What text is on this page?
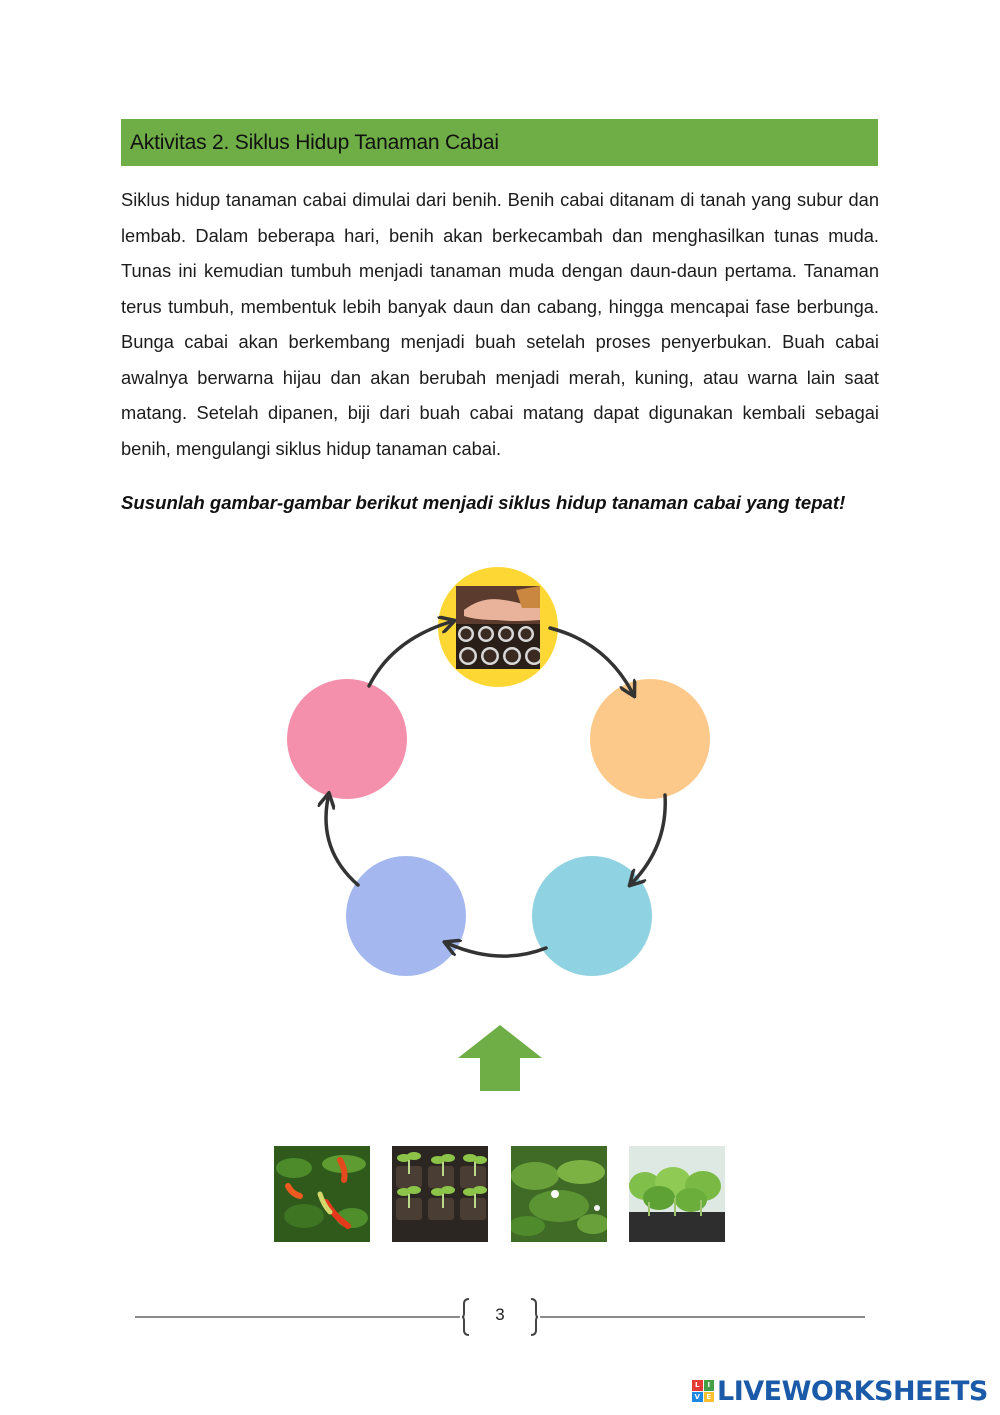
Aktivitas 2. Siklus Hidup Tanaman Cabai

Siklus hidup tanaman cabai dimulai dari benih. Benih cabai ditanam di tanah yang subur dan lembab. Dalam beberapa hari, benih akan berkecambah dan menghasilkan tunas muda. Tunas ini kemudian tumbuh menjadi tanaman muda dengan daun-daun pertama. Tanaman terus tumbuh, membentuk lebih banyak daun dan cabang, hingga mencapai fase berbunga. Bunga cabai akan berkembang menjadi buah setelah proses penyerbukan. Buah cabai awalnya berwarna hijau dan akan berubah menjadi merah, kuning, atau warna lain saat matang. Setelah dipanen, biji dari buah cabai matang dapat digunakan kembali sebagai benih, mengulangi siklus hidup tanaman cabai.

Susunlah gambar-gambar berikut menjadi siklus hidup tanaman cabai yang tepat!

3
L	I
V E LIVEWORKSHEETS
